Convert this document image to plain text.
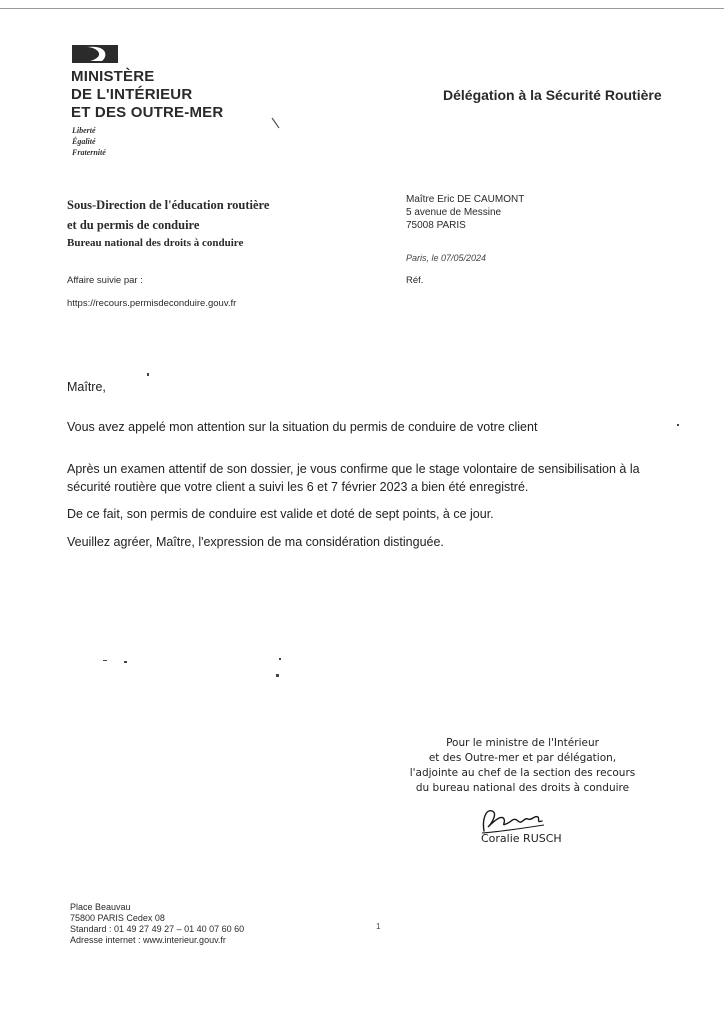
MINISTÈRE
DE L'INTÉRIEUR
ET DES OUTRE-MER
Liberté
Égalité
Fraternité
Délégation à la Sécurité Routière
Sous-Direction de l'éducation routière
et du permis de conduire
Bureau national des droits à conduire
Maître Eric DE CAUMONT
5 avenue de Messine
75008 PARIS
Paris, le 07/05/2024
Réf.
Affaire suivie par :
https://recours.permisdeconduire.gouv.fr
Maître,
Vous avez appelé mon attention sur la situation du permis de conduire de votre client
Après un examen attentif de son dossier, je vous confirme que le stage volontaire de sensibilisation à la sécurité routière que votre client a suivi les 6 et 7 février 2023 a bien été enregistré.
De ce fait, son permis de conduire est valide et doté de sept points, à ce jour.
Veuillez agréer, Maître, l'expression de ma considération distinguée.
Pour le ministre de l'Intérieur
et des Outre-mer et par délégation,
l'adjointe au chef de la section des recours
du bureau national des droits à conduire
Coralie RUSCH
Place Beauvau
75800 PARIS Cedex 08
Standard : 01 49 27 49 27 – 01 40 07 60 60
Adresse internet : www.interieur.gouv.fr
1
